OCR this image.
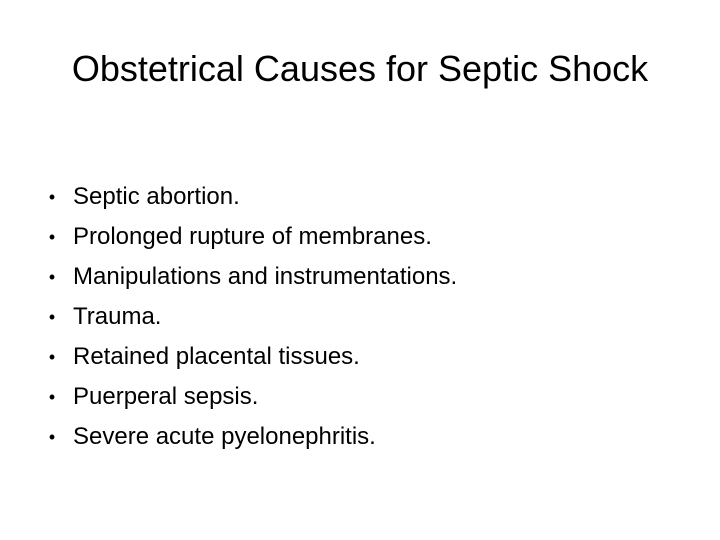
Obstetrical Causes for Septic Shock
• Septic abortion.
• Prolonged rupture of membranes.
• Manipulations and instrumentations.
• Trauma.
• Retained placental tissues.
• Puerperal sepsis.
• Severe acute pyelonephritis.
